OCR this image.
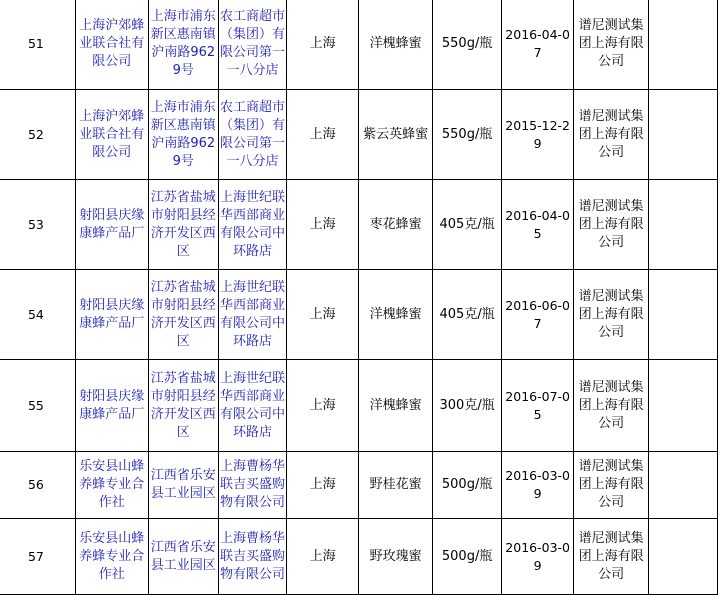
51	上海沪郊蜂业联合社有限公司	上海市浦东新区惠南镇沪南路9629号	农工商超市（集团）有限公司第一一八分店	上海	洋槐蜂蜜	550g/瓶	2016-04-07	谱尼测试集团上海有限公司	
52	上海沪郊蜂业联合社有限公司	上海市浦东新区惠南镇沪南路9629号	农工商超市（集团）有限公司第一一八分店	上海	紫云英蜂蜜	550g/瓶	2015-12-29	谱尼测试集团上海有限公司	
53	射阳县庆缘康蜂产品厂	江苏省盐城市射阳县经济开发区西区	上海世纪联华西部商业有限公司中环路店	上海	枣花蜂蜜	405克/瓶	2016-04-05	谱尼测试集团上海有限公司	
54	射阳县庆缘康蜂产品厂	江苏省盐城市射阳县经济开发区西区	上海世纪联华西部商业有限公司中环路店	上海	洋槐蜂蜜	405克/瓶	2016-06-07	谱尼测试集团上海有限公司	
55	射阳县庆缘康蜂产品厂	江苏省盐城市射阳县经济开发区西区	上海世纪联华西部商业有限公司中环路店	上海	洋槐蜂蜜	300克/瓶	2016-07-05	谱尼测试集团上海有限公司	
56	乐安县山蜂养蜂专业合作社	江西省乐安县工业园区	上海曹杨华联吉买盛购物有限公司	上海	野桂花蜜	500g/瓶	2016-03-09	谱尼测试集团上海有限公司	
57	乐安县山蜂养蜂专业合作社	江西省乐安县工业园区	上海曹杨华联吉买盛购物有限公司	上海	野玫瑰蜜	500g/瓶	2016-03-09	谱尼测试集团上海有限公司	
